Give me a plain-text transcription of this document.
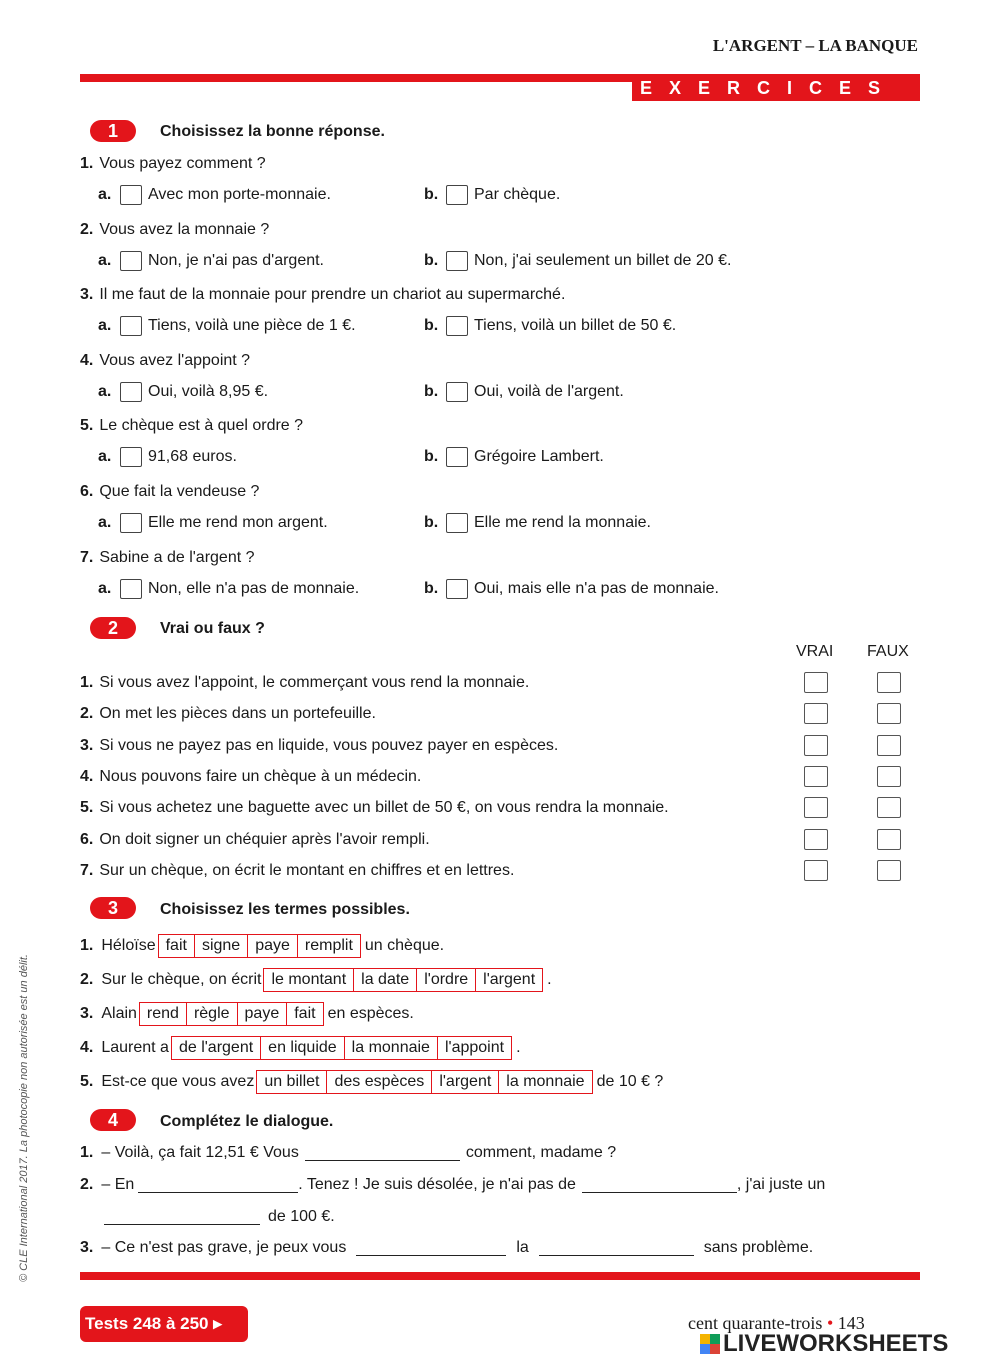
L'ARGENT – LA BANQUE
EXERCICES
1	Choisissez la bonne réponse.
1. Vous payez comment ?
a.	Avec mon porte-monnaie.	b.	Par chèque.
2. Vous avez la monnaie ?
a.	Non, je n'ai pas d'argent.	b.	Non, j'ai seulement un billet de 20 €.
3. Il me faut de la monnaie pour prendre un chariot au supermarché.
a.	Tiens, voilà une pièce de 1 €.	b.	Tiens, voilà un billet de 50 €.
4. Vous avez l'appoint ?
a.	Oui, voilà 8,95 €.	b.	Oui, voilà de l'argent.
5. Le chèque est à quel ordre ?
a.	91,68 euros.	b.	Grégoire Lambert.
6. Que fait la vendeuse ?
a.	Elle me rend mon argent.	b.	Elle me rend la monnaie.
7. Sabine a de l'argent ?
a.	Non, elle n'a pas de monnaie.	b.	Oui, mais elle n'a pas de monnaie.
2	Vrai ou faux ?
VRAI FAUX
1. Si vous avez l'appoint, le commerçant vous rend la monnaie.
2. On met les pièces dans un portefeuille.
3. Si vous ne payez pas en liquide, vous pouvez payer en espèces.
4. Nous pouvons faire un chèque à un médecin.
5. Si vous achetez une baguette avec un billet de 50 €, on vous rendra la monnaie.
6. On doit signer un chéquier après l'avoir rempli.
7. Sur un chèque, on écrit le montant en chiffres et en lettres.
3	Choisissez les termes possibles.
1. Héloïse fait signe paye remplit un chèque.
2. Sur le chèque, on écrit le montant la date l'ordre l'argent .
3. Alain rend règle paye fait en espèces.
4. Laurent a de l'argent en liquide la monnaie l'appoint .
5. Est-ce que vous avez un billet des espèces l'argent la monnaie de 10 € ?
4	Complétez le dialogue.
1. – Voilà, ça fait 12,51 € Vous	comment, madame ?
2. – En	. Tenez ! Je suis désolée, je n'ai pas de	, j'ai juste un
de 100 €.
3. – Ce n'est pas grave, je peux vous	la	sans problème.
Tests 248 à 250 ▸	cent quarante-trois • 143
LIVEWORKSHEETS
© CLE International 2017. La photocopie non autorisée est un délit.
